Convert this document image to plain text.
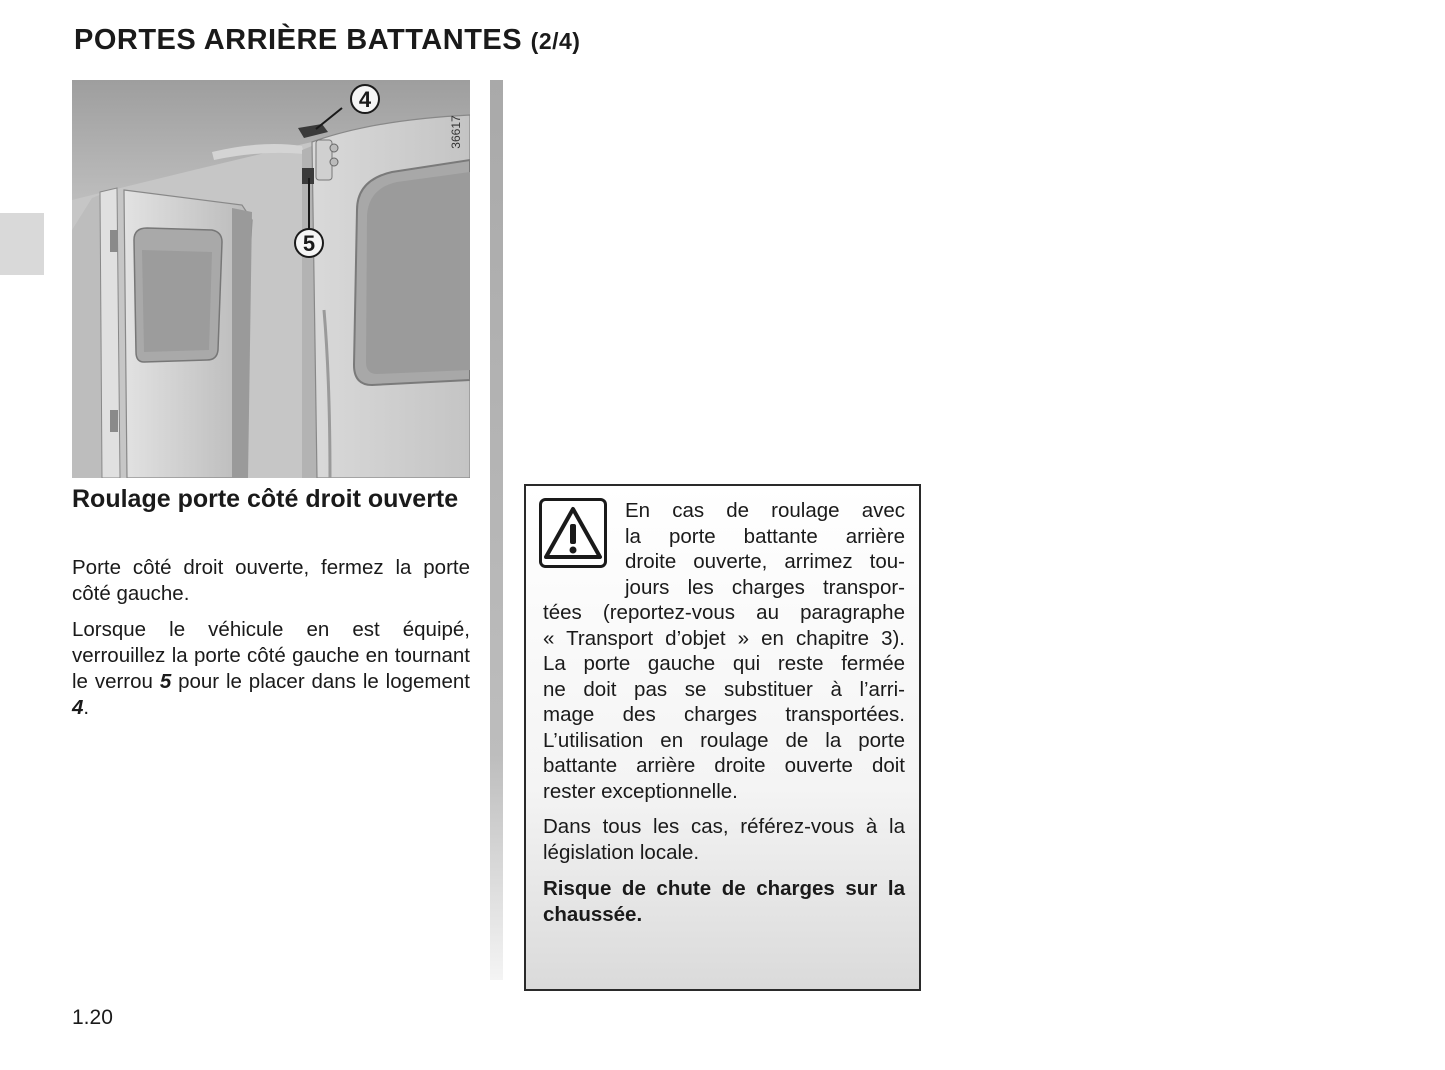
PORTES ARRIÈRE BATTANTES (2/4)
4
5
36617
Roulage porte côté droit ouverte

Porte côté droit ouverte, fermez la porte côté gauche.

Lorsque le véhicule en est équipé, verrouillez la porte côté gauche en tournant le verrou 5 pour le placer dans le logement 4.

En cas de roulage avec
la porte battante arrière
droite ouverte, arrimez tou-
jours les charges transpor-
tées (reportez-vous au paragraphe
« Transport d’objet » en chapitre 3).
La porte gauche qui reste fermée
ne doit pas se substituer à l’arri-
mage des charges transportées.
L’utilisation en roulage de la porte
battante arrière droite ouverte doit
rester exceptionnelle.

Dans tous les cas, référez-vous à la législation locale.

Risque de chute de charges sur la chaussée.

1.20
